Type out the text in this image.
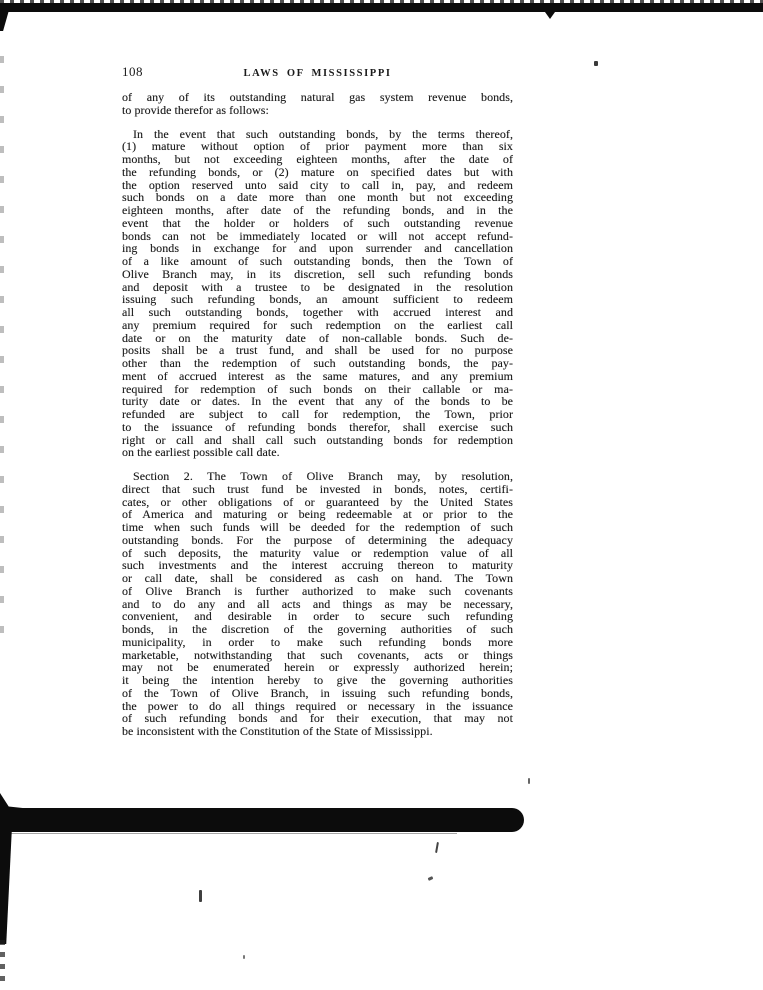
108	LAWS OF MISSISSIPPI
of any of its outstanding natural gas system revenue bonds,
to provide therefor as follows:
In the event that such outstanding bonds, by the terms thereof,
(1) mature without option of prior payment more than six
months, but not exceeding eighteen months, after the date of
the refunding bonds, or (2) mature on specified dates but with
the option reserved unto said city to call in, pay, and redeem
such bonds on a date more than one month but not exceeding
eighteen months, after date of the refunding bonds, and in the
event that the holder or holders of such outstanding revenue
bonds can not be immediately located or will not accept refund-
ing bonds in exchange for and upon surrender and cancellation
of a like amount of such outstanding bonds, then the Town of
Olive Branch may, in its discretion, sell such refunding bonds
and deposit with a trustee to be designated in the resolution
issuing such refunding bonds, an amount sufficient to redeem
all such outstanding bonds, together with accrued interest and
any premium required for such redemption on the earliest call
date or on the maturity date of non-callable bonds. Such de-
posits shall be a trust fund, and shall be used for no purpose
other than the redemption of such outstanding bonds, the pay-
ment of accrued interest as the same matures, and any premium
required for redemption of such bonds on their callable or ma-
turity date or dates. In the event that any of the bonds to be
refunded are subject to call for redemption, the Town, prior
to the issuance of refunding bonds therefor, shall exercise such
right or call and shall call such outstanding bonds for redemption
on the earliest possible call date.
Section 2. The Town of Olive Branch may, by resolution,
direct that such trust fund be invested in bonds, notes, certifi-
cates, or other obligations of or guaranteed by the United States
of America and maturing or being redeemable at or prior to the
time when such funds will be deeded for the redemption of such
outstanding bonds. For the purpose of determining the adequacy
of such deposits, the maturity value or redemption value of all
such investments and the interest accruing thereon to maturity
or call date, shall be considered as cash on hand. The Town
of Olive Branch is further authorized to make such covenants
and to do any and all acts and things as may be necessary,
convenient, and desirable in order to secure such refunding
bonds, in the discretion of the governing authorities of such
municipality, in order to make such refunding bonds more
marketable, notwithstanding that such covenants, acts or things
may not be enumerated herein or expressly authorized herein;
it being the intention hereby to give the governing authorities
of the Town of Olive Branch, in issuing such refunding bonds,
the power to do all things required or necessary in the issuance
of such refunding bonds and for their execution, that may not
be inconsistent with the Constitution of the State of Mississippi.
